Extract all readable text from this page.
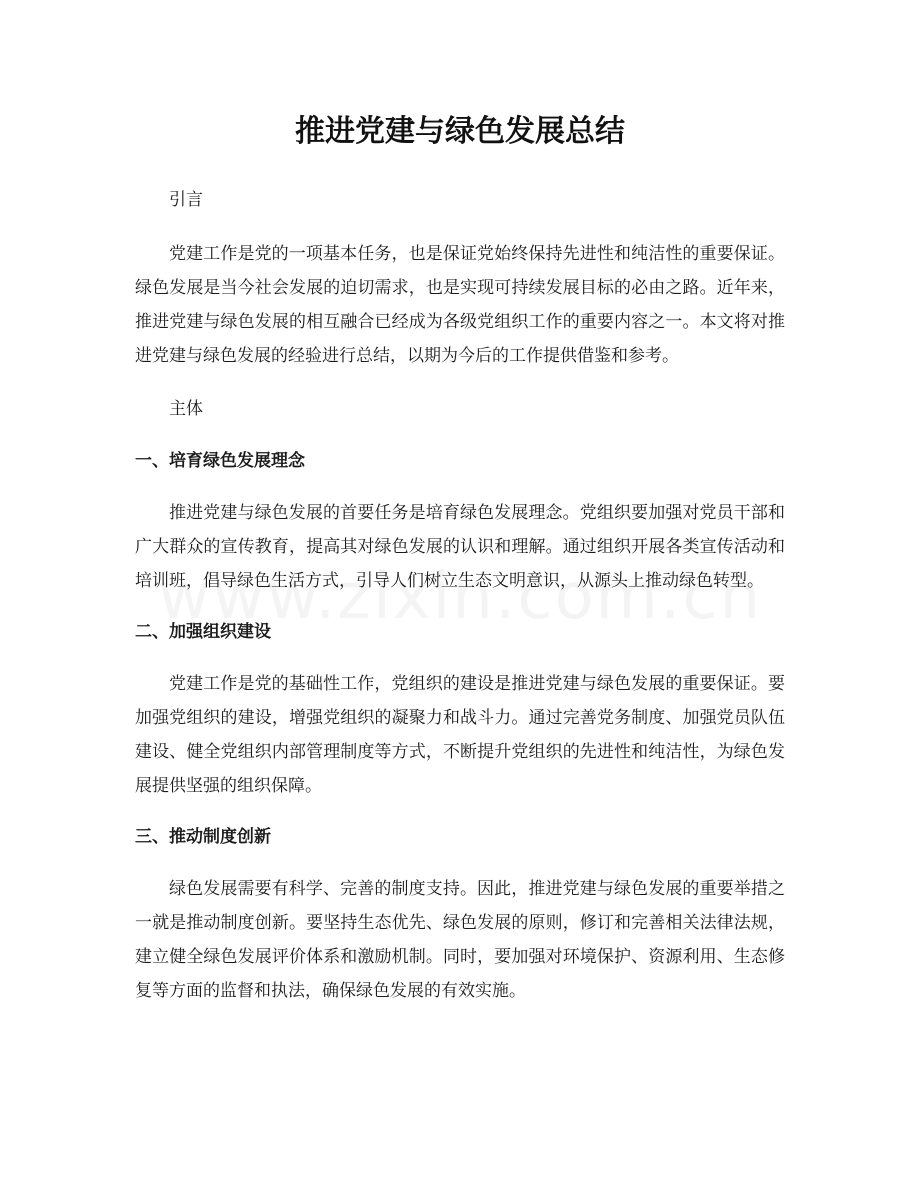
推进党建与绿色发展总结

引言

党建工作是党的一项基本任务，也是保证党始终保持先进性和纯洁性的重要保证。绿色发展是当今社会发展的迫切需求，也是实现可持续发展目标的必由之路。近年来，推进党建与绿色发展的相互融合已经成为各级党组织工作的重要内容之一。本文将对推进党建与绿色发展的经验进行总结，以期为今后的工作提供借鉴和参考。

主体

一、培育绿色发展理念

推进党建与绿色发展的首要任务是培育绿色发展理念。党组织要加强对党员干部和广大群众的宣传教育，提高其对绿色发展的认识和理解。通过组织开展各类宣传活动和培训班，倡导绿色生活方式，引导人们树立生态文明意识，从源头上推动绿色转型。

二、加强组织建设

党建工作是党的基础性工作，党组织的建设是推进党建与绿色发展的重要保证。要加强党组织的建设，增强党组织的凝聚力和战斗力。通过完善党务制度、加强党员队伍建设、健全党组织内部管理制度等方式，不断提升党组织的先进性和纯洁性，为绿色发展提供坚强的组织保障。

三、推动制度创新

绿色发展需要有科学、完善的制度支持。因此，推进党建与绿色发展的重要举措之一就是推动制度创新。要坚持生态优先、绿色发展的原则，修订和完善相关法律法规，建立健全绿色发展评价体系和激励机制。同时，要加强对环境保护、资源利用、生态修复等方面的监督和执法，确保绿色发展的有效实施。
